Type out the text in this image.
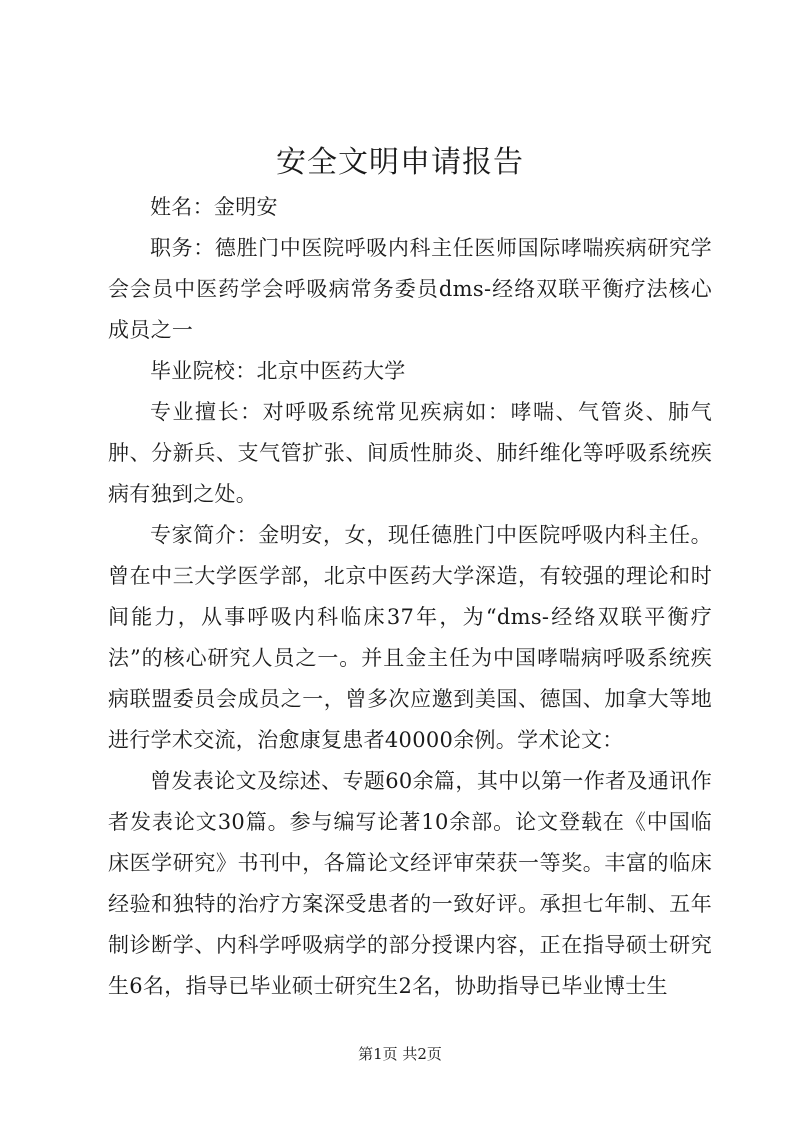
安全文明申请报告

姓名：金明安

职务：德胜门中医院呼吸内科主任医师国际哮喘疾病研究学会会员中医药学会呼吸病常务委员dms-经络双联平衡疗法核心成员之一

毕业院校：北京中医药大学

专业擅长：对呼吸系统常见疾病如：哮喘、气管炎、肺气肿、分新兵、支气管扩张、间质性肺炎、肺纤维化等呼吸系统疾病有独到之处。

专家简介：金明安，女，现任德胜门中医院呼吸内科主任。曾在中三大学医学部，北京中医药大学深造，有较强的理论和时间能力，从事呼吸内科临床37年，为“dms-经络双联平衡疗法”的核心研究人员之一。并且金主任为中国哮喘病呼吸系统疾病联盟委员会成员之一，曾多次应邀到美国、德国、加拿大等地进行学术交流，治愈康复患者40000余例。学术论文：

曾发表论文及综述、专题60余篇，其中以第一作者及通讯作者发表论文30篇。参与编写论著10余部。论文登载在《中国临床医学研究》书刊中，各篇论文经评审荣获一等奖。丰富的临床经验和独特的治疗方案深受患者的一致好评。承担七年制、五年制诊断学、内科学呼吸病学的部分授课内容，正在指导硕士研究生6名，指导已毕业硕士研究生2名，协助指导已毕业博士生

第1页 共2页
